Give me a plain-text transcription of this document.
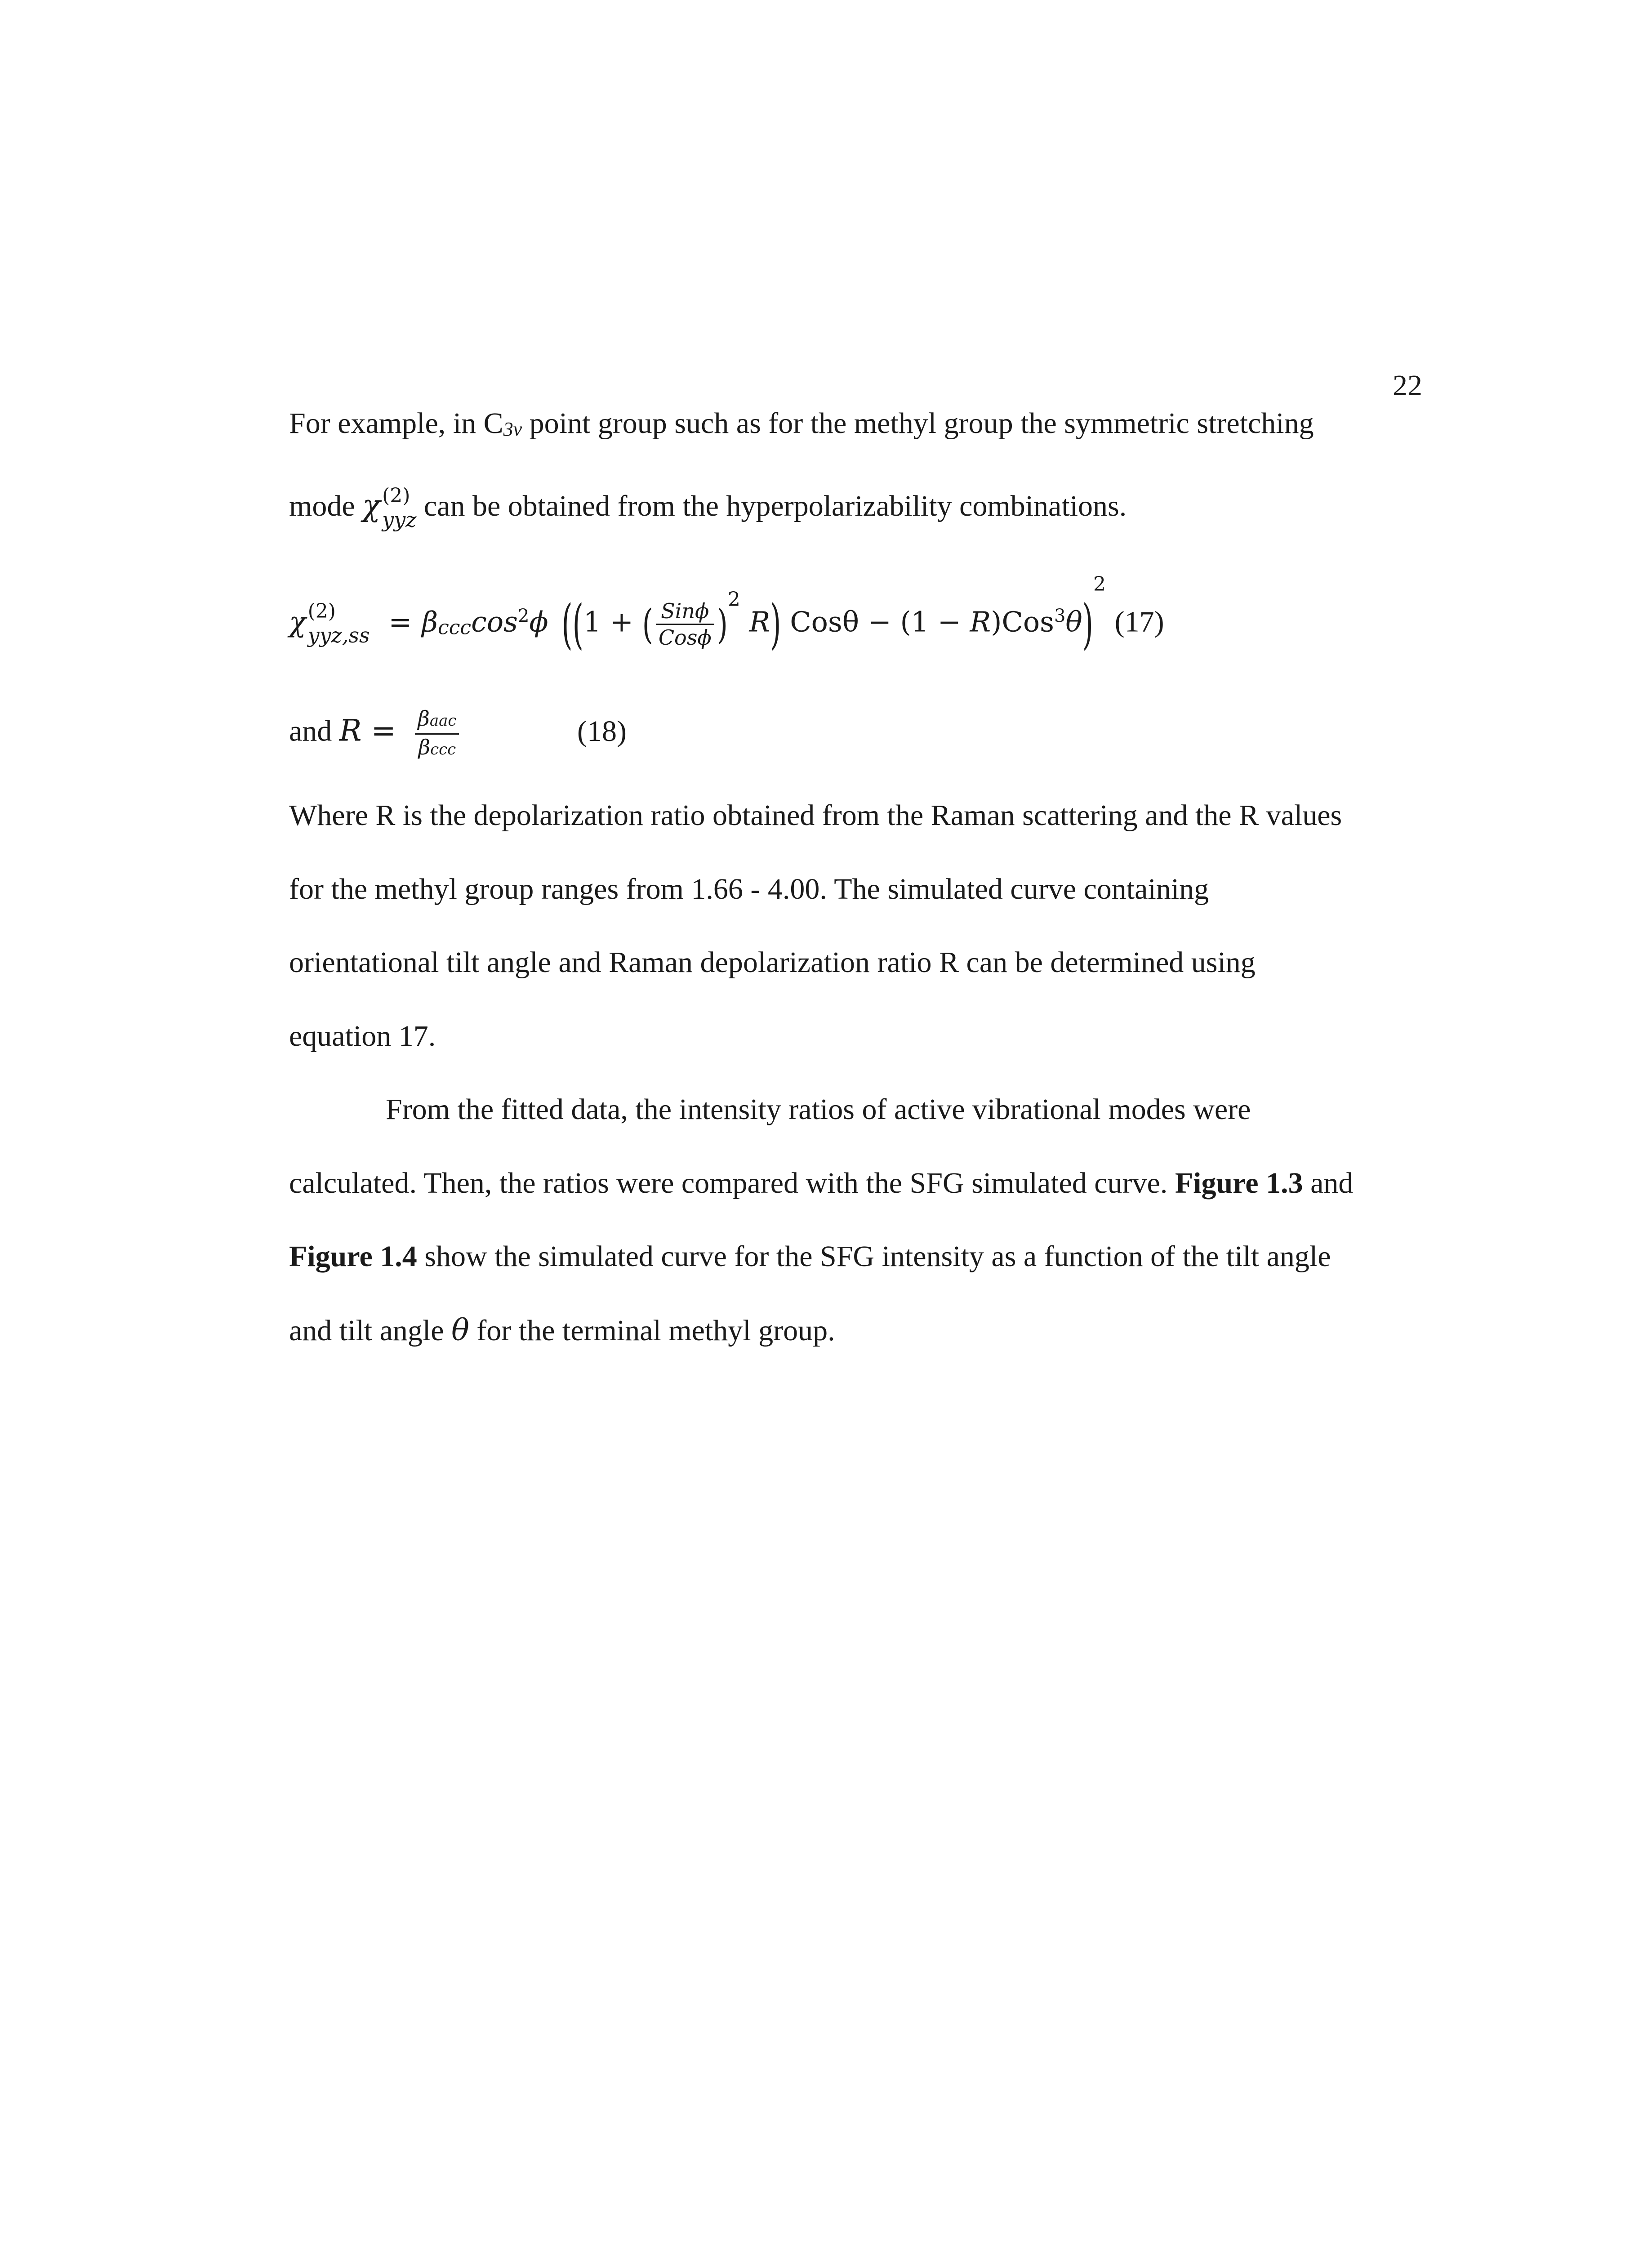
22
For example, in C3v point group such as for the methyl group the symmetric stretching
mode χ (2)
yyz can be obtained from the hyperpolarizability combinations.
χ (2)
yyz,ss = βccccos$^2$ϕ ((1 + ( $\frac{\text{Sinϕ}}{\text{Cosϕ}} )2$ R) Cosθ − (1 − R)Cos$^3$θ)2 (17)
and $R = \frac{\text{βaac}}{\text{βccc}}$	(18)
Where R is the depolarization ratio obtained from the Raman scattering and the R values
for the methyl group ranges from 1.66 - 4.00. The simulated curve containing
orientational tilt angle and Raman depolarization ratio R can be determined using
equation 17.
From the fitted data, the intensity ratios of active vibrational modes were
calculated. Then, the ratios were compared with the SFG simulated curve. Figure 1.3 and
Figure 1.4 show the simulated curve for the SFG intensity as a function of the tilt angle
and tilt angle θ for the terminal methyl group.
